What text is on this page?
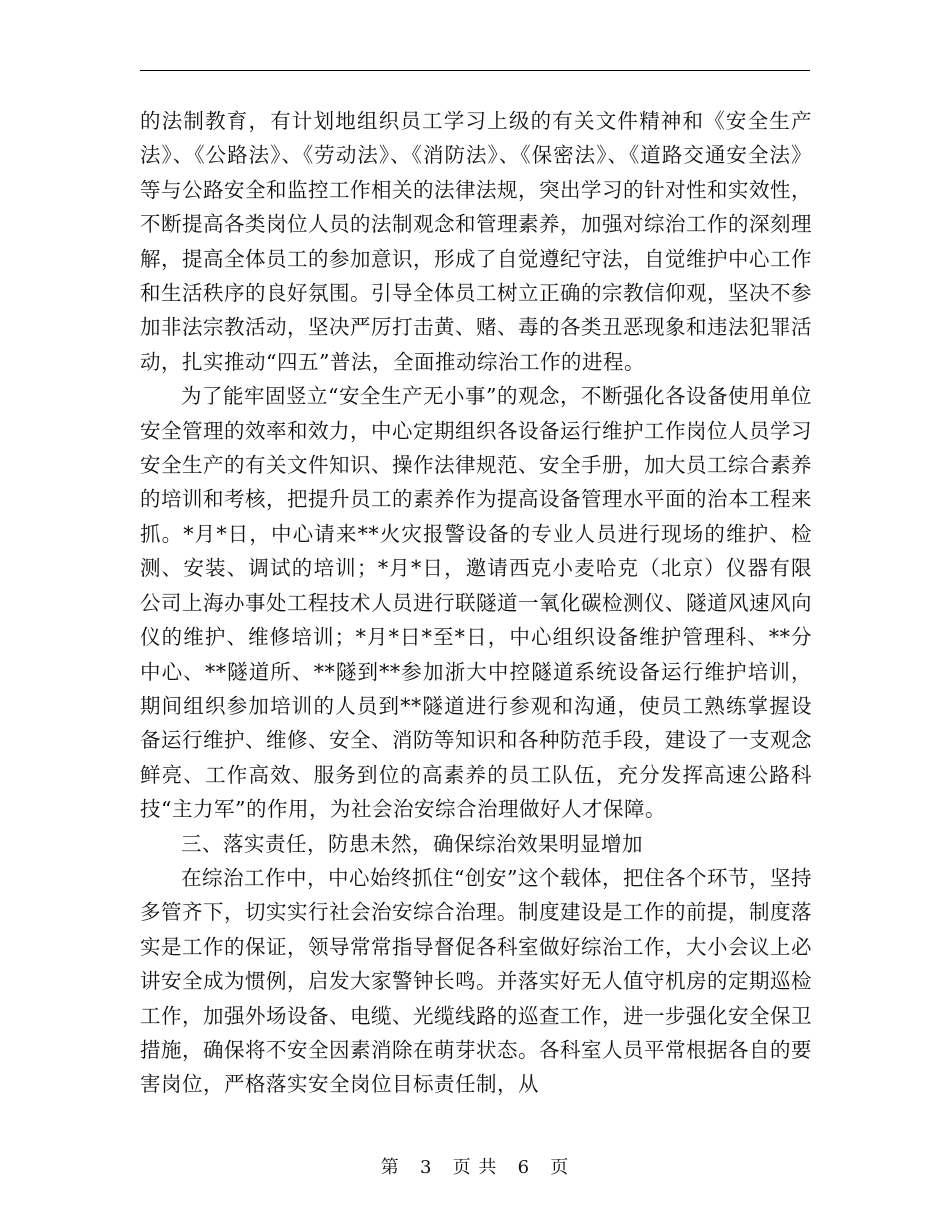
的法制教育，有计划地组织员工学习上级的有关文件精神和《安全生产法》、《公路法》、《劳动法》、《消防法》、《保密法》、《道路交通安全法》等与公路安全和监控工作相关的法律法规，突出学习的针对性和实效性，不断提高各类岗位人员的法制观念和管理素养，加强对综治工作的深刻理解，提高全体员工的参加意识，形成了自觉遵纪守法，自觉维护中心工作和生活秩序的良好氛围。引导全体员工树立正确的宗教信仰观，坚决不参加非法宗教活动，坚决严厉打击黄、赌、毒的各类丑恶现象和违法犯罪活动，扎实推动“四五”普法，全面推动综治工作的进程。

为了能牢固竖立“安全生产无小事”的观念，不断强化各设备使用单位安全管理的效率和效力，中心定期组织各设备运行维护工作岗位人员学习安全生产的有关文件知识、操作法律规范、安全手册，加大员工综合素养的培训和考核，把提升员工的素养作为提高设备管理水平面的治本工程来抓。*月*日，中心请来**火灾报警设备的专业人员进行现场的维护、检测、安装、调试的培训；*月*日，邀请西克小麦哈克（北京）仪器有限公司上海办事处工程技术人员进行联隧道一氧化碳检测仪、隧道风速风向仪的维护、维修培训；*月*日*至*日，中心组织设备维护管理科、**分中心、**隧道所、**隧到**参加浙大中控隧道系统设备运行维护培训，期间组织参加培训的人员到**隧道进行参观和沟通，使员工熟练掌握设备运行维护、维修、安全、消防等知识和各种防范手段，建设了一支观念鲜亮、工作高效、服务到位的高素养的员工队伍，充分发挥高速公路科技“主力军”的作用，为社会治安综合治理做好人才保障。

三、落实责任，防患未然，确保综治效果明显增加

在综治工作中，中心始终抓住“创安”这个载体，把住各个环节，坚持多管齐下，切实实行社会治安综合治理。制度建设是工作的前提，制度落实是工作的保证，领导常常指导督促各科室做好综治工作，大小会议上必讲安全成为惯例，启发大家警钟长鸣。并落实好无人值守机房的定期巡检工作，加强外场设备、电缆、光缆线路的巡查工作，进一步强化安全保卫措施，确保将不安全因素消除在萌芽状态。各科室人员平常根据各自的要害岗位，严格落实安全岗位目标责任制，从

第 3 页 共 6 页
